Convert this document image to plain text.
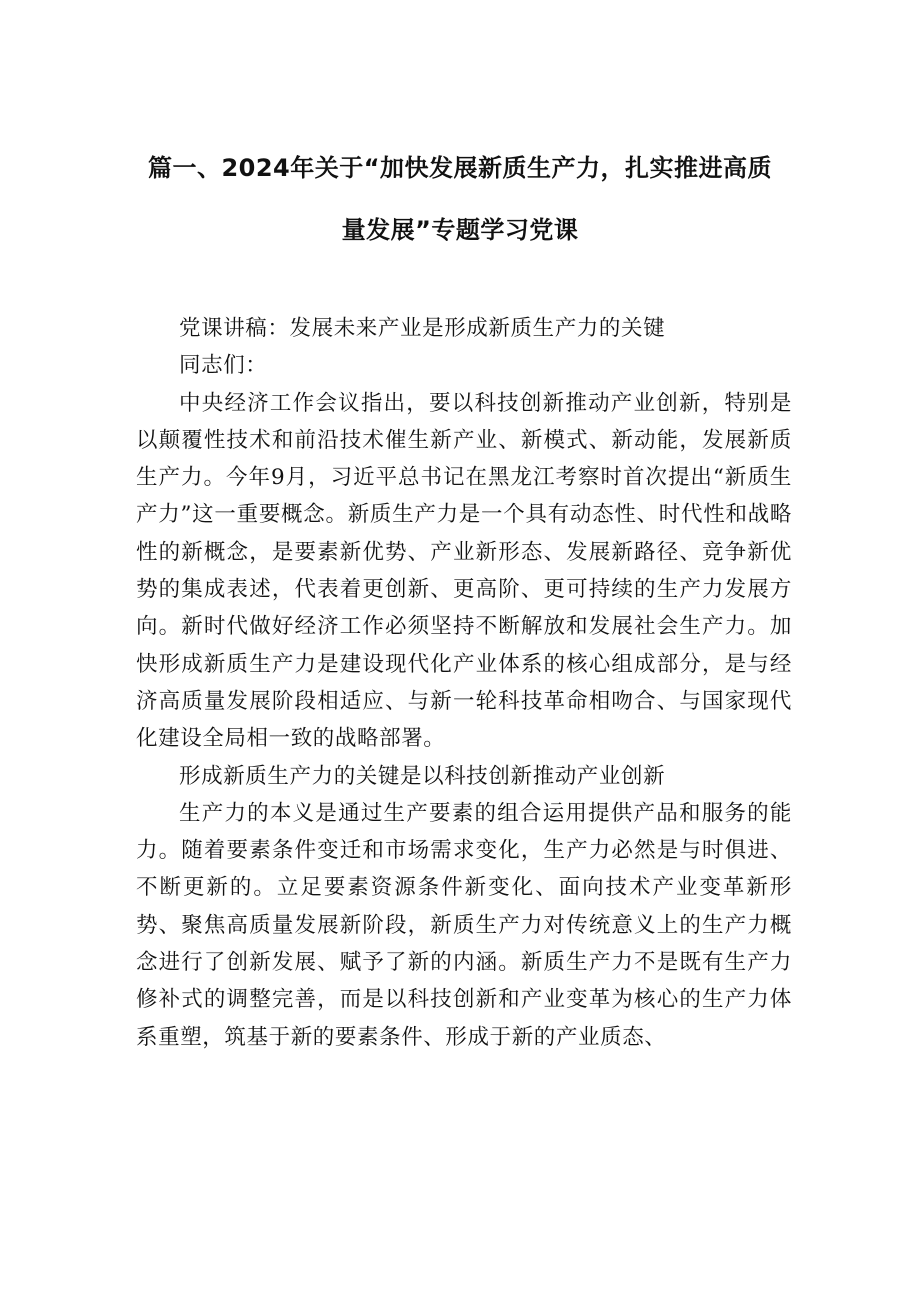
篇一、2024年关于“加快发展新质生产力，扎实推进高质
量发展”专题学习党课

党课讲稿：发展未来产业是形成新质生产力的关键

同志们：

中央经济工作会议指出，要以科技创新推动产业创新，特别是以颠覆性技术和前沿技术催生新产业、新模式、新动能，发展新质生产力。今年9月，习近平总书记在黑龙江考察时首次提出“新质生产力”这一重要概念。新质生产力是一个具有动态性、时代性和战略性的新概念，是要素新优势、产业新形态、发展新路径、竞争新优势的集成表述，代表着更创新、更高阶、更可持续的生产力发展方向。新时代做好经济工作必须坚持不断解放和发展社会生产力。加快形成新质生产力是建设现代化产业体系的核心组成部分，是与经济高质量发展阶段相适应、与新一轮科技革命相吻合、与国家现代化建设全局相一致的战略部署。

形成新质生产力的关键是以科技创新推动产业创新

生产力的本义是通过生产要素的组合运用提供产品和服务的能力。随着要素条件变迁和市场需求变化，生产力必然是与时俱进、不断更新的。立足要素资源条件新变化、面向技术产业变革新形势、聚焦高质量发展新阶段，新质生产力对传统意义上的生产力概念进行了创新发展、赋予了新的内涵。新质生产力不是既有生产力修补式的调整完善，而是以科技创新和产业变革为核心的生产力体系重塑，筑基于新的要素条件、形成于新的产业质态、
